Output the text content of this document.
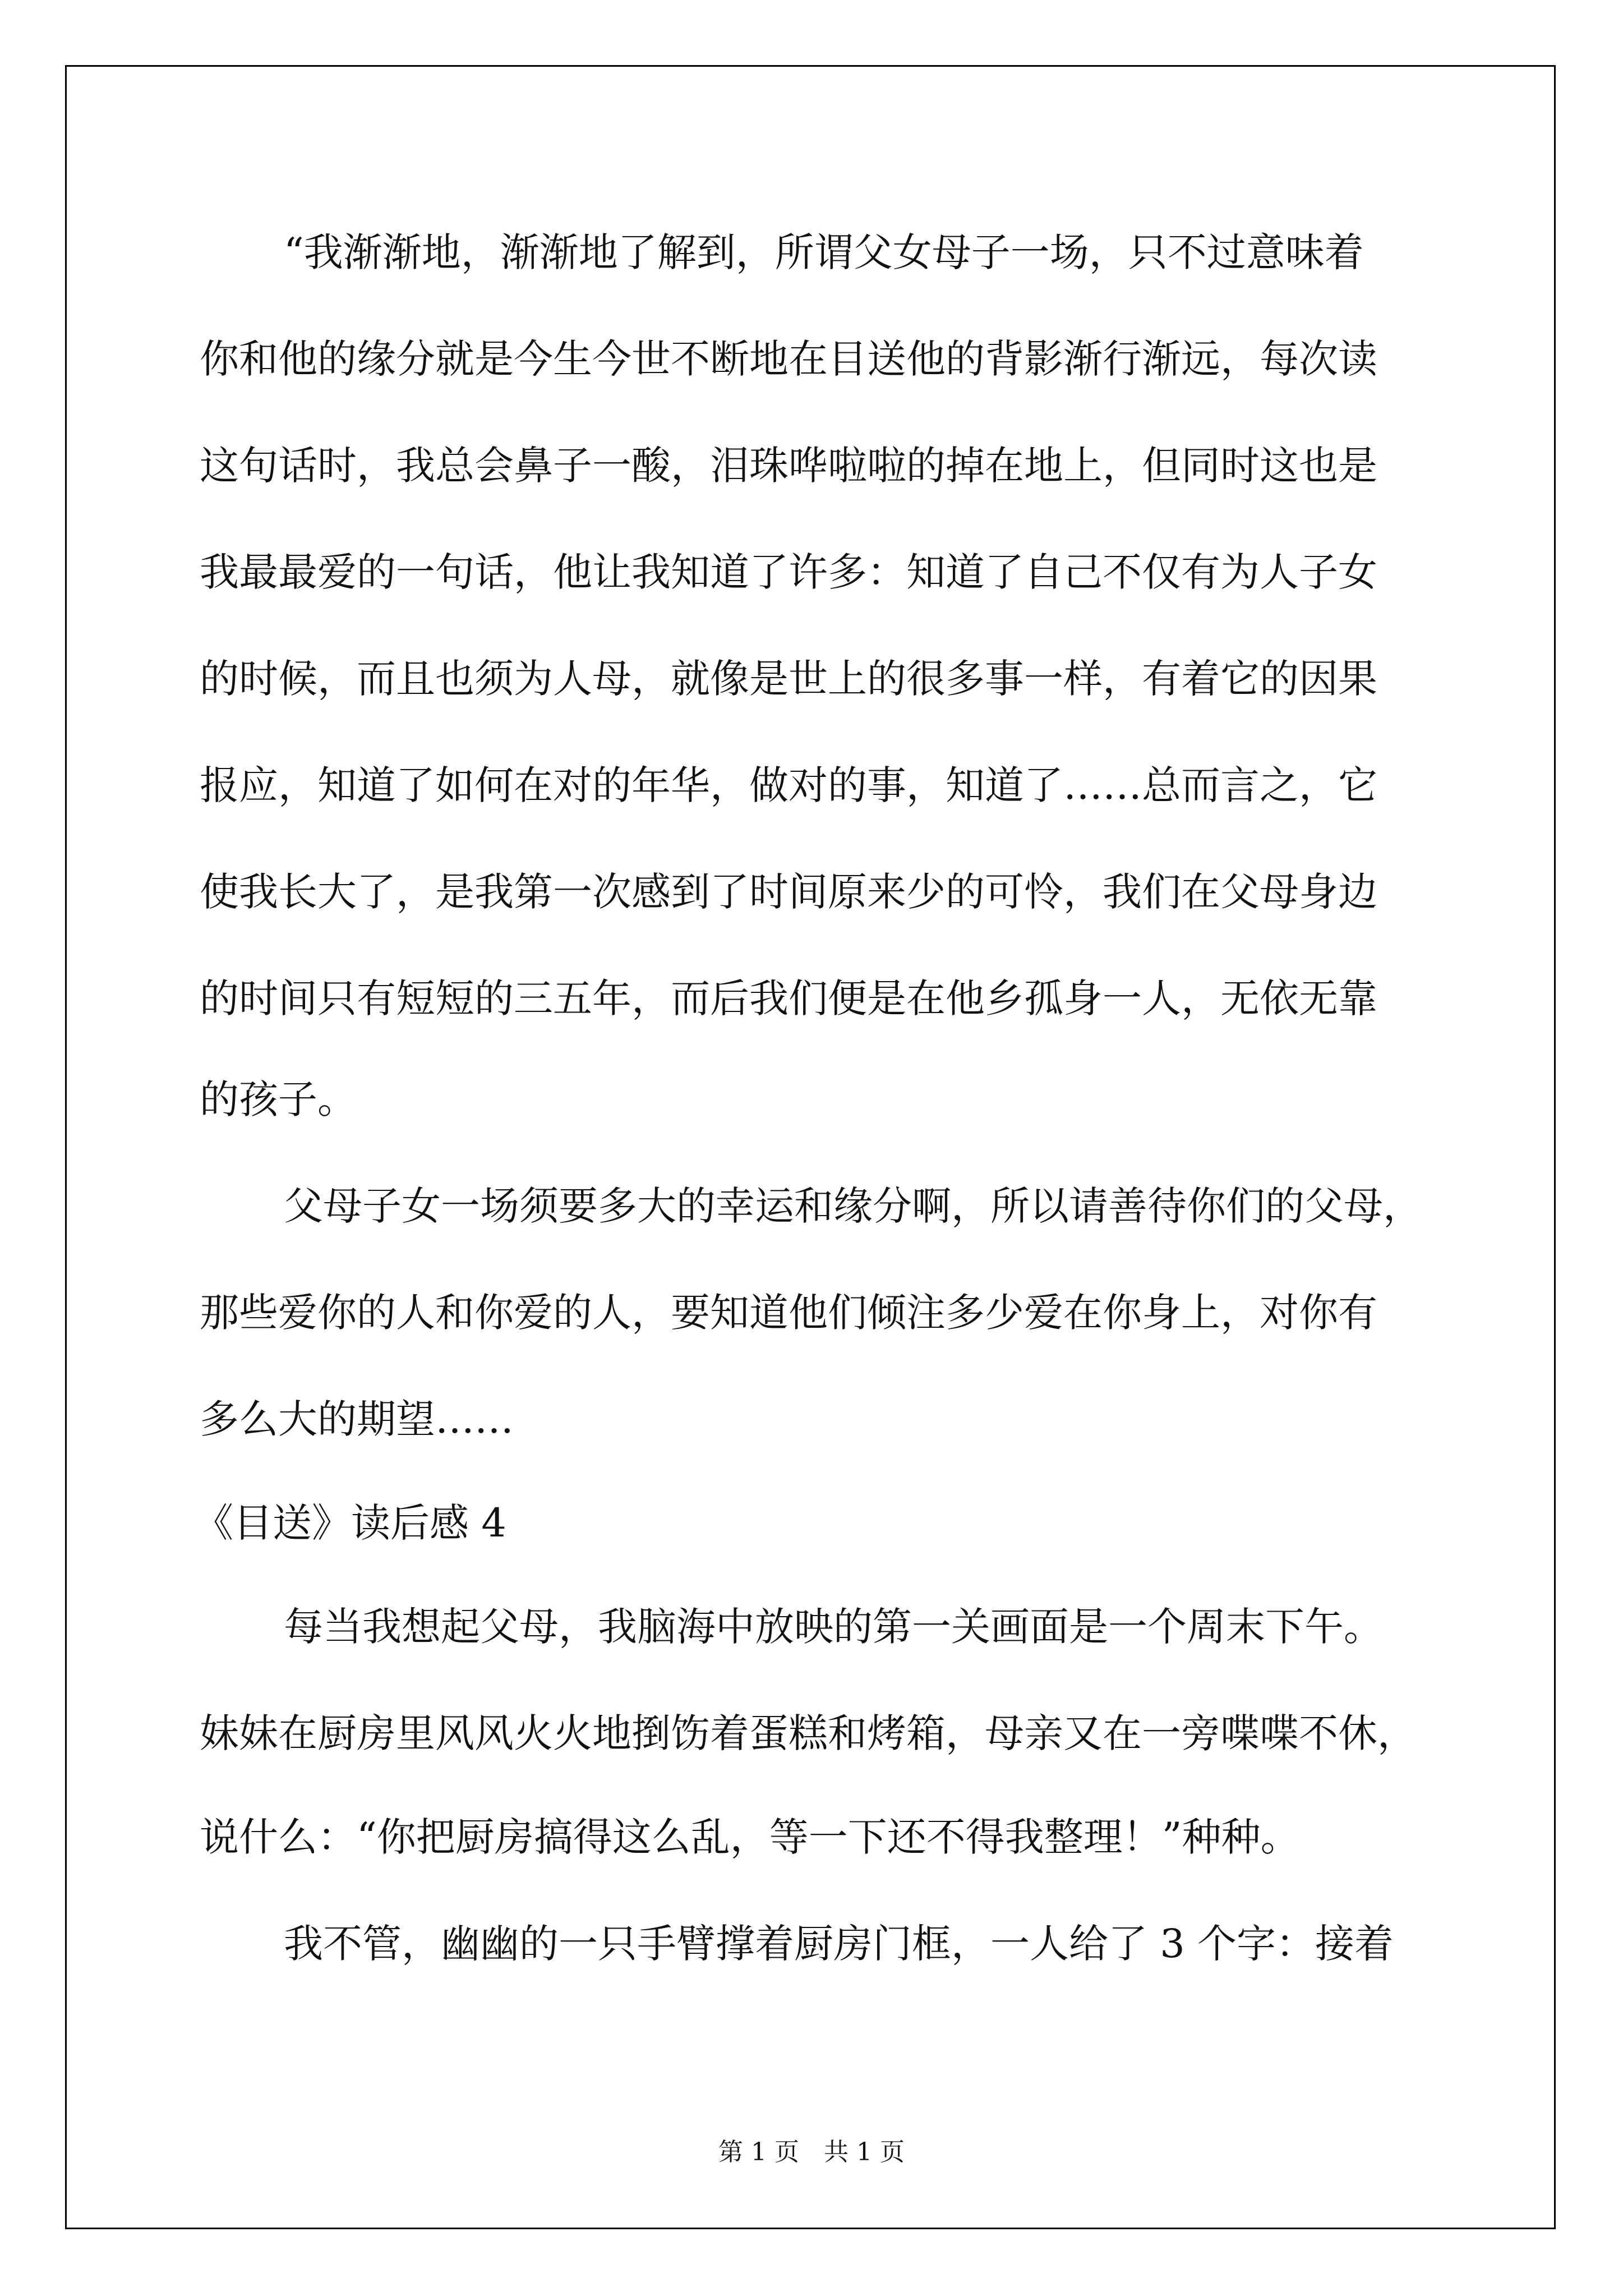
“我渐渐地，渐渐地了解到，所谓父女母子一场，只不过意味着

你和他的缘分就是今生今世不断地在目送他的背影渐行渐远，每次读

这句话时，我总会鼻子一酸，泪珠哗啦啦的掉在地上，但同时这也是

我最最爱的一句话，他让我知道了许多：知道了自己不仅有为人子女

的时候，而且也须为人母，就像是世上的很多事一样，有着它的因果

报应，知道了如何在对的年华，做对的事，知道了……总而言之，它

使我长大了，是我第一次感到了时间原来少的可怜，我们在父母身边

的时间只有短短的三五年，而后我们便是在他乡孤身一人，无依无靠

的孩子。

父母子女一场须要多大的幸运和缘分啊，所以请善待你们的父母，

那些爱你的人和你爱的人，要知道他们倾注多少爱在你身上，对你有

多么大的期望……

《目送》读后感 4

每当我想起父母，我脑海中放映的第一关画面是一个周末下午。

妹妹在厨房里风风火火地捯饬着蛋糕和烤箱，母亲又在一旁喋喋不休，

说什么：“你把厨房搞得这么乱，等一下还不得我整理！”种种。

我不管，幽幽的一只手臂撑着厨房门框，一人给了 3 个字：接着

第 1 页　共 1 页
